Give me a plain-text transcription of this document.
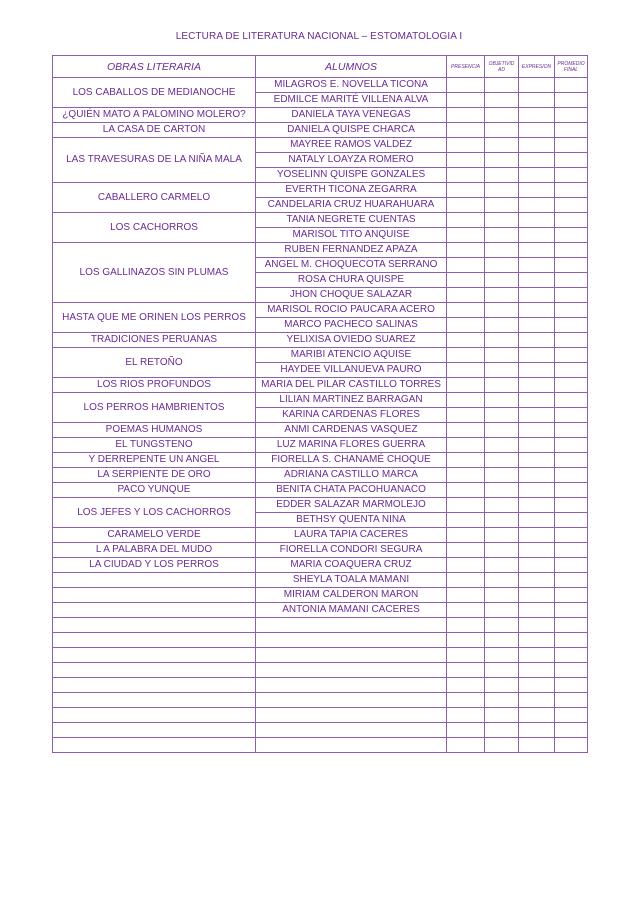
LECTURA DE LITERATURA NACIONAL – ESTOMATOLOGIA I
OBRAS LITERARIA	ALUMNOS	PRESENCIA	OBJETIVID AD	EXPRESION	PROMEDIO FINAL
LOS CABALLOS DE MEDIANOCHE	MILAGROS E. NOVELLA TICONA				
	EDMILCE MARITÉ VILLENA ALVA				
¿QUIÉN MATO A PALOMINO MOLERO?	DANIELA TAYA VENEGAS				
LA CASA DE CARTON	DANIELA QUISPE CHARCA				
LAS TRAVESURAS DE LA NIÑA MALA	MAYREE RAMOS VALDEZ				
	NATALY LOAYZA ROMERO				
	YOSELINN QUISPE GONZALES				
CABALLERO CARMELO	EVERTH TICONA ZEGARRA				
	CANDELARIA CRUZ HUARAHUARA				
LOS CACHORROS	TANIA NEGRETE CUENTAS				
	MARISOL TITO ANQUISE				
LOS GALLINAZOS SIN PLUMAS	RUBEN FERNANDEZ APAZA				
	ANGEL M. CHOQUECOTA SERRANO				
	ROSA CHURA QUISPE				
	JHON CHOQUE SALAZAR				
HASTA QUE ME ORINEN LOS PERROS	MARISOL ROCIO PAUCARA ACERO				
	MARCO PACHECO SALINAS				
TRADICIONES PERUANAS	YELIXISA OVIEDO SUAREZ				
EL RETOÑO	MARIBI ATENCIO AQUISE				
	HAYDEE VILLANUEVA PAURO				
LOS RIOS PROFUNDOS	MARIA DEL PILAR CASTILLO TORRES				
LOS PERROS HAMBRIENTOS	LILIAN MARTINEZ BARRAGAN				
	KARINA CARDENAS FLORES				
POEMAS HUMANOS	ANMI CARDENAS VASQUEZ				
EL TUNGSTENO	LUZ MARINA FLORES GUERRA				
Y DERREPENTE UN ANGEL	FIORELLA S. CHANAMÉ CHOQUE				
LA SERPIENTE DE ORO	ADRIANA CASTILLO MARCA				
PACO YUNQUE	BENITA CHATA PACOHUANACO				
LOS JEFES Y LOS CACHORROS	EDDER SALAZAR MARMOLEJO				
	BETHSY QUENTA NINA				
CARAMELO VERDE	LAURA TAPIA CACERES				
L A PALABRA DEL MUDO	FIORELLA CONDORI SEGURA				
LA CIUDAD Y LOS PERROS	MARIA COAQUERA CRUZ				
	SHEYLA TOALA MAMANI				
	MIRIAM CALDERON MARON				
	ANTONIA MAMANI CACERES				
